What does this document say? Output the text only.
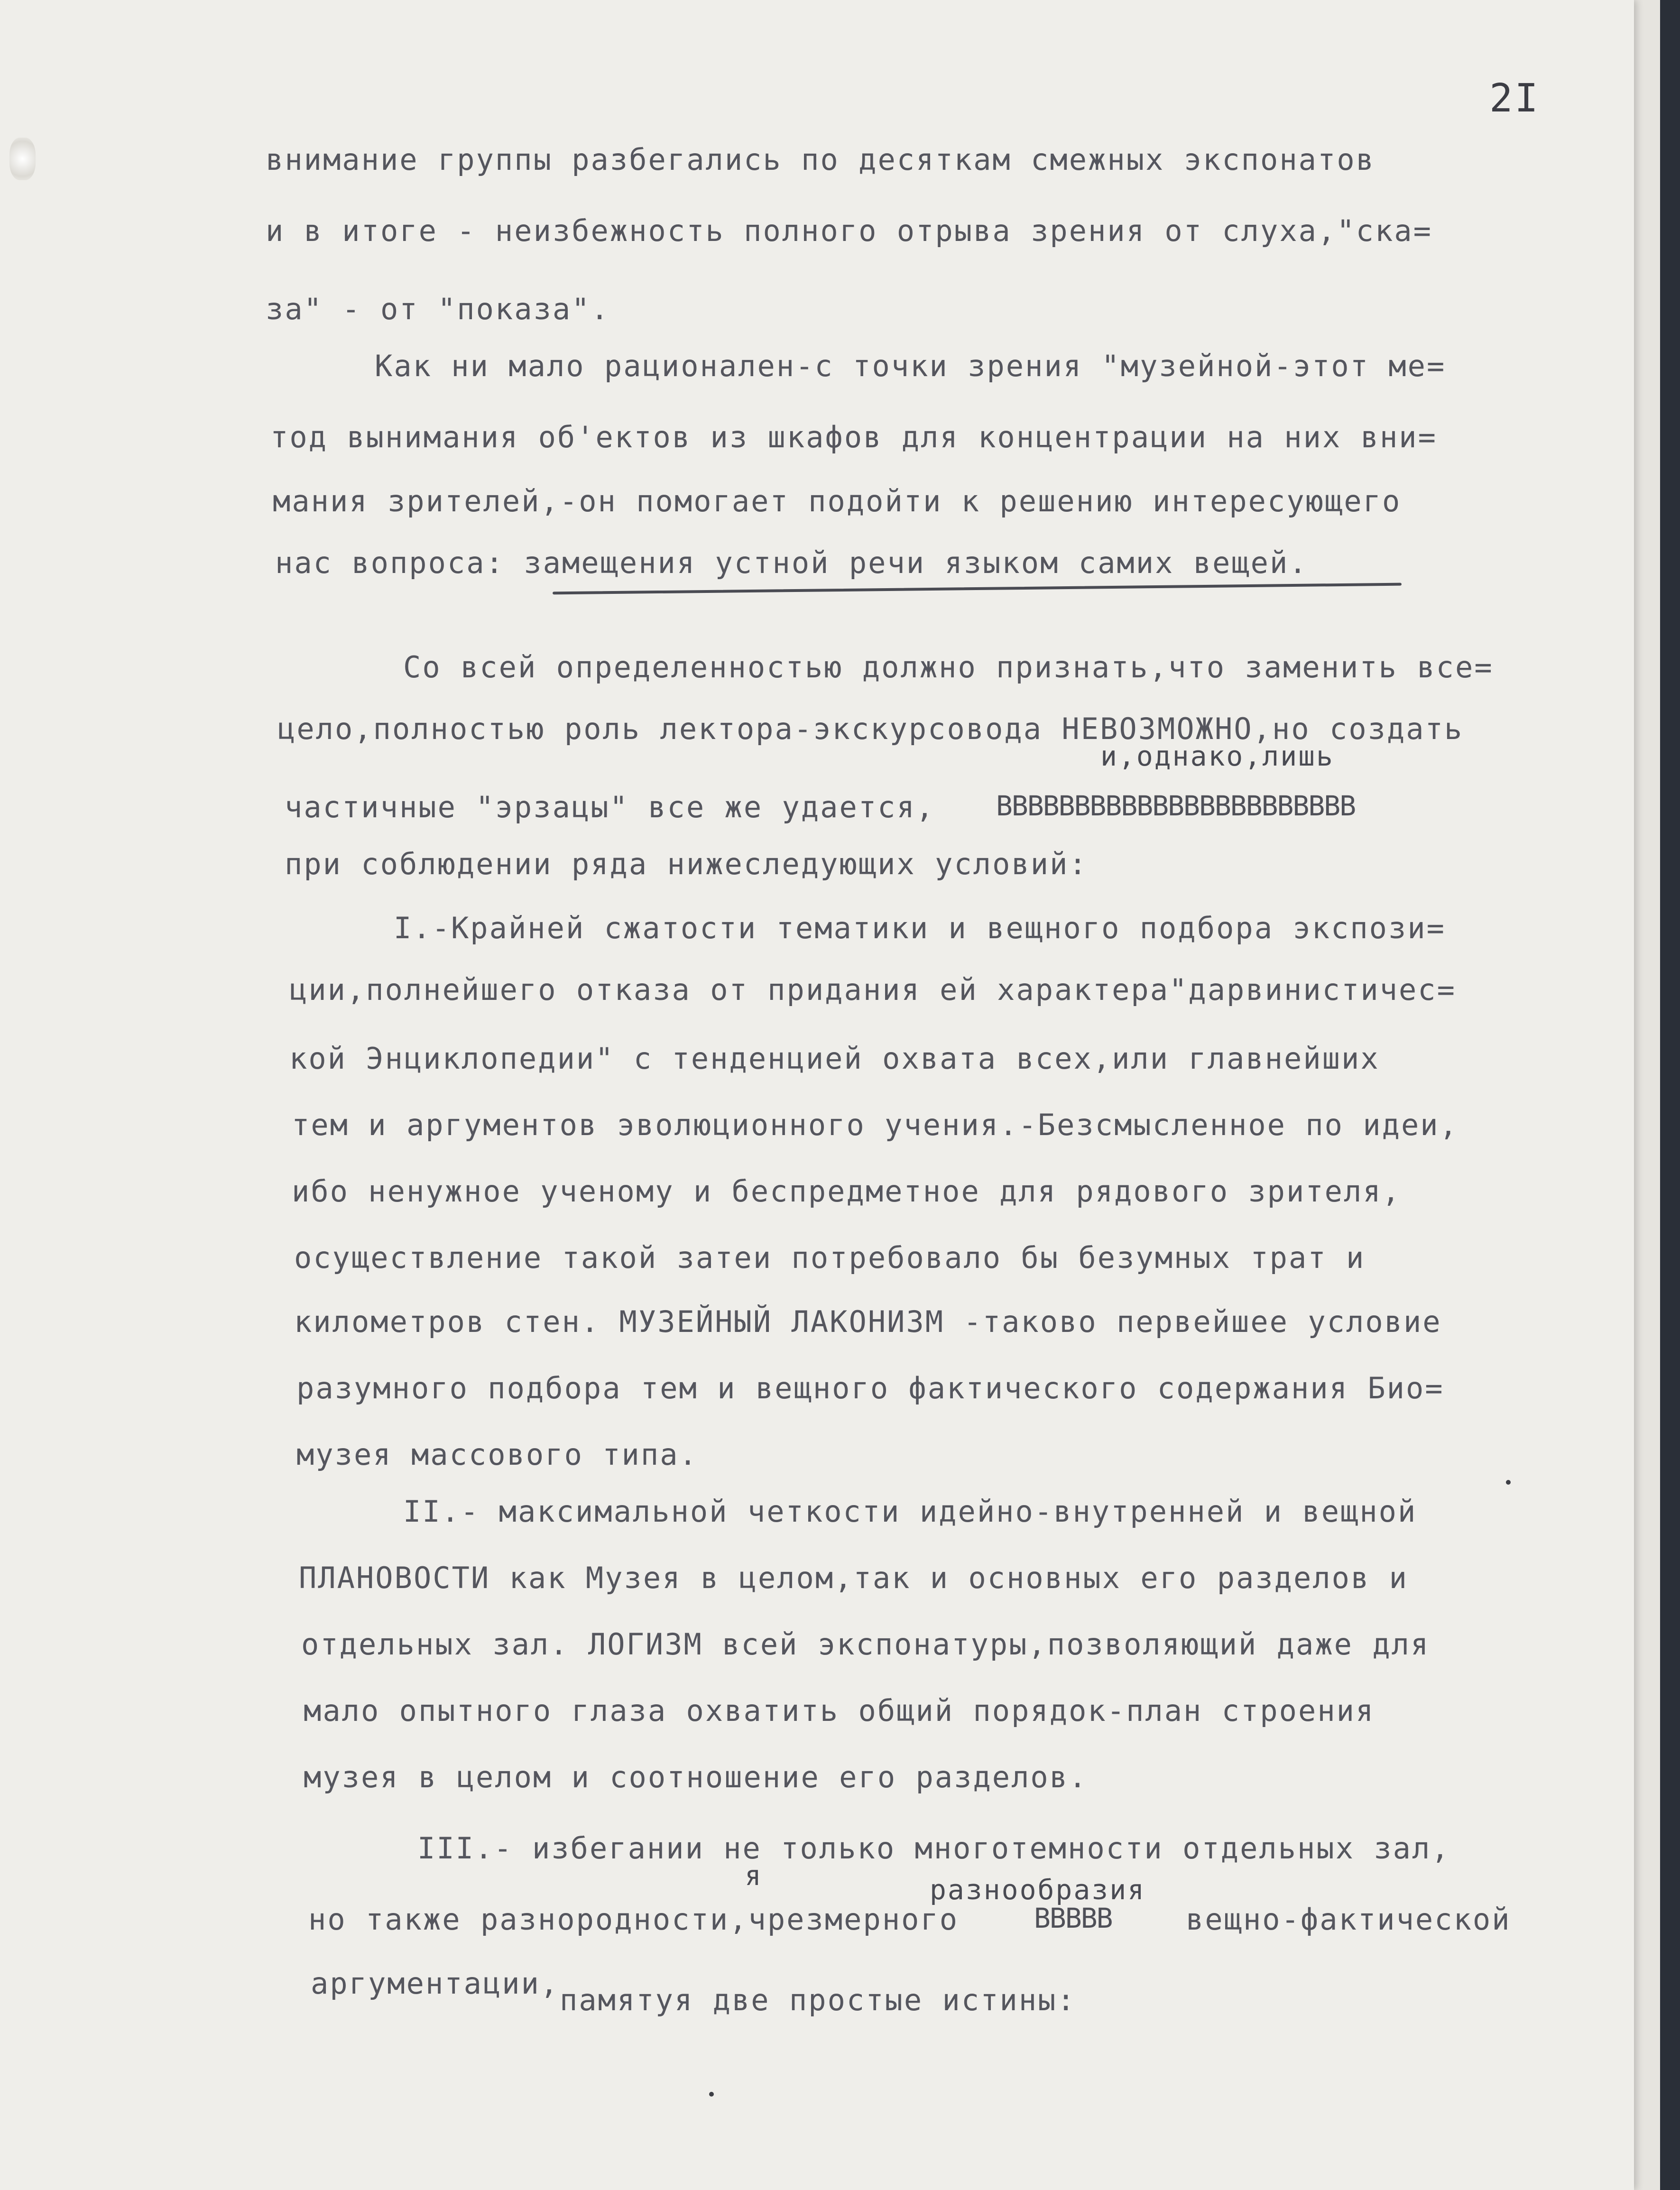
2I
внимание группы разбегались по десяткам смежных экспонатов
и в итоге - неизбежность полного отрыва зрения от слуха,"ска=
за" - от "показа".
Как ни мало рационален-с точки зрения "музейной-этот ме=
тод вынимания об'ектов из шкафов для концентрации на них вни=
мания зрителей,-он помогает подойти к решению интересующего
нас вопроса: замещения устной речи языком самих вещей.
Со всей определенностью должно признать,что заменить все=
цело,полностью роль лектора-экскурсовода НЕВОЗМОЖНО,но создать
частичные "эрзацы" все же удается,
при соблюдении ряда нижеследующих условий:
I.-Крайней сжатости тематики и вещного подбора экспози=
ции,полнейшего отказа от придания ей характера"дарвинистичес=
кой Энциклопедии" с тенденцией охвата всех,или главнейших
тем и аргументов эволюционного учения.-Безсмысленное по идеи,
ибо ненужное ученому и беспредметное для рядового зрителя,
осуществление такой затеи потребовало бы безумных трат и
километров стен. МУЗЕЙНЫЙ ЛАКОНИЗМ -таково первейшее условие
разумного подбора тем и вещного фактического содержания Био=
музея массового типа.
II.- максимальной четкости идейно-внутренней и вещной
ПЛАНОВОСТИ как Музея в целом,так и основных его разделов и
отдельных зал. ЛОГИЗМ всей экспонатуры,позволяющий даже для
мало опытного глаза охватить общий порядок-план строения
музея в целом и соотношение его разделов.
III.- избегании не только многотемности отдельных зал,
но также разнородности,чрезмерного	вещно-фактической
аргументации, памятуя две простые истины:
и,однако,лишь
я	разнообразия
ВВВВВВВВВВВВВВВВВВВВВВВ
ВВВВВ
